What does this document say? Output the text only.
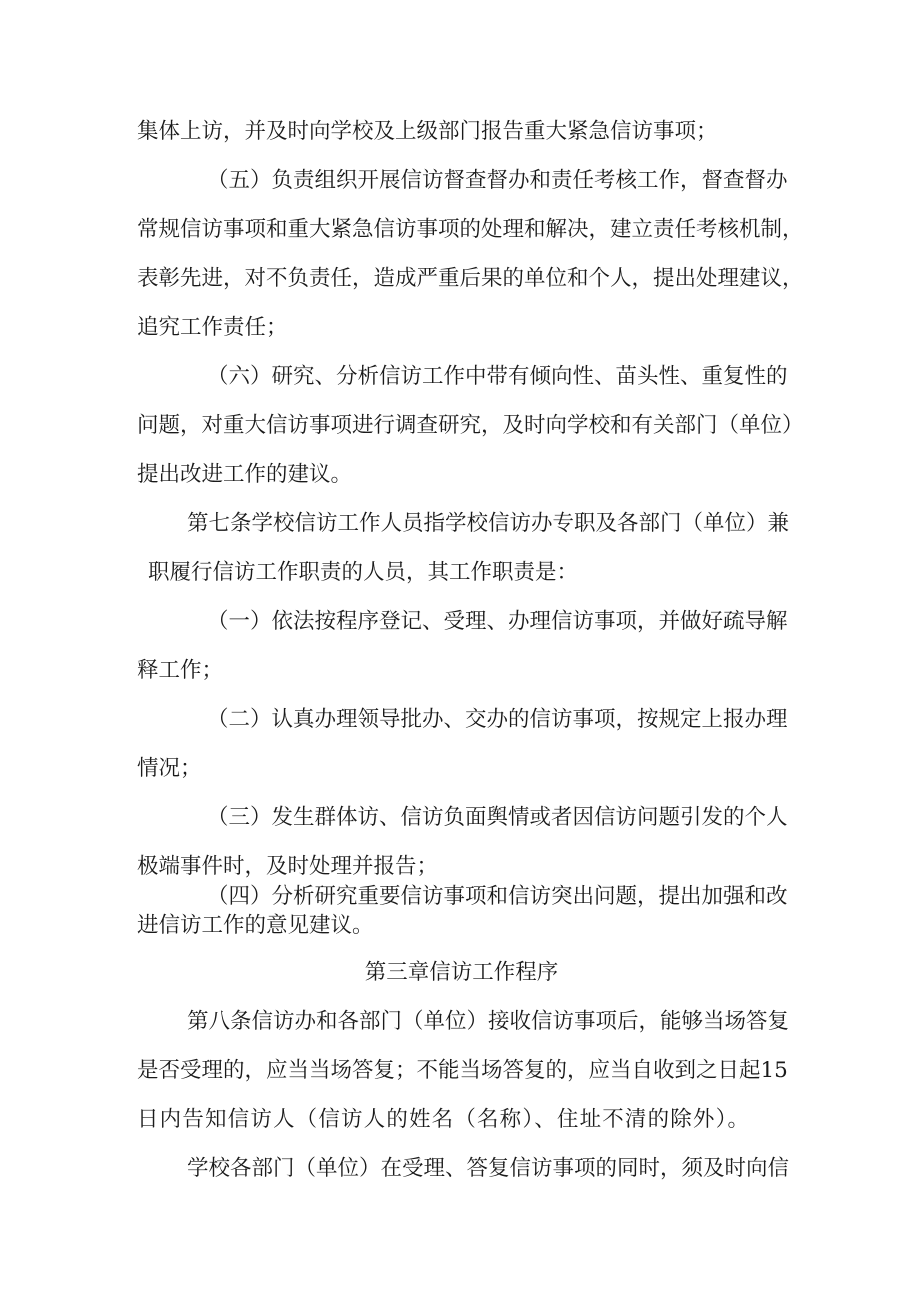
集体上访，并及时向学校及上级部门报告重大紧急信访事项；
（五）负责组织开展信访督查督办和责任考核工作，督查督办
常规信访事项和重大紧急信访事项的处理和解决，建立责任考核机制，
表彰先进，对不负责任，造成严重后果的单位和个人，提出处理建议，
追究工作责任；
（六）研究、分析信访工作中带有倾向性、苗头性、重复性的
问题，对重大信访事项进行调查研究，及时向学校和有关部门（单位）
提出改进工作的建议。
第七条学校信访工作人员指学校信访办专职及各部门（单位）兼
职履行信访工作职责的人员，其工作职责是：
（一）依法按程序登记、受理、办理信访事项，并做好疏导解
释工作；
（二）认真办理领导批办、交办的信访事项，按规定上报办理
情况；
（三）发生群体访、信访负面舆情或者因信访问题引发的个人
极端事件时，及时处理并报告；
（四）分析研究重要信访事项和信访突出问题，提出加强和改
进信访工作的意见建议。
第三章信访工作程序
第八条信访办和各部门（单位）接收信访事项后，能够当场答复
是否受理的，应当当场答复；不能当场答复的，应当自收到之日起15
日内告知信访人（信访人的姓名（名称）、住址不清的除外）。
学校各部门（单位）在受理、答复信访事项的同时，须及时向信
